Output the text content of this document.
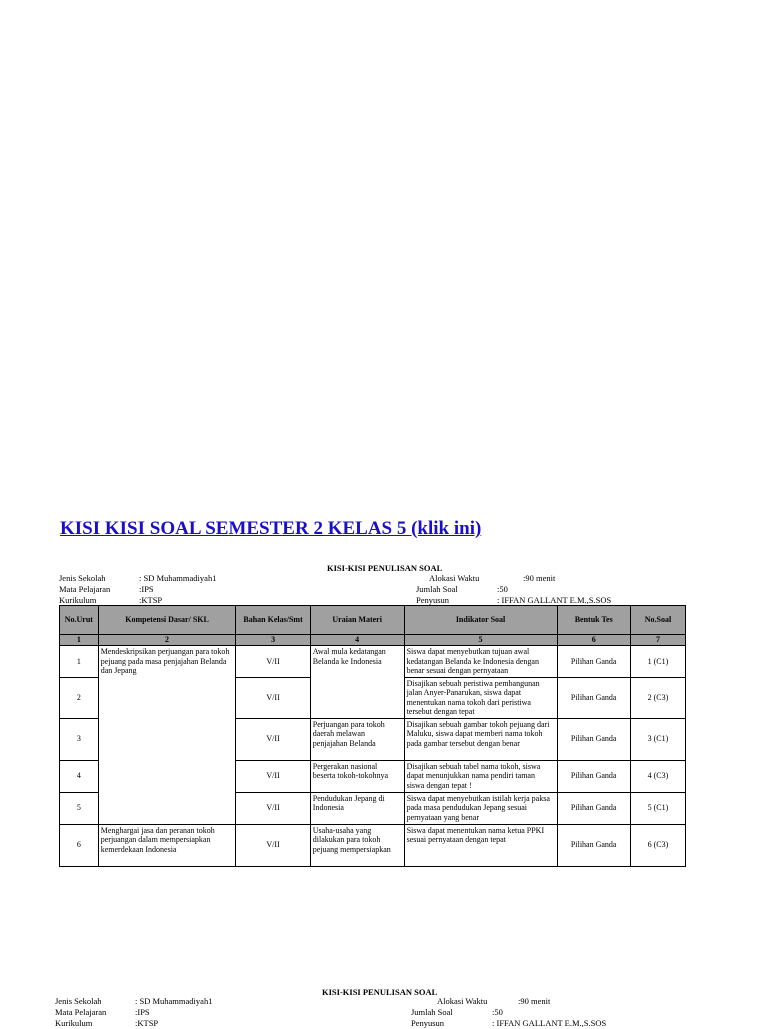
KISI KISI SOAL SEMESTER 2 KELAS 5 (klik ini)
KISI-KISI PENULISAN SOAL
Jenis Sekolah	: SD Muhammadiyah1
Mata Pelajaran	:IPS
Kurikulum	:KTSP
Alokasi Waktu	:90 menit
Jumlah Soal	:50
Penyusun	: IFFAN GALLANT E.M.,S.SOS
No.Urut	Kompetensi Dasar/ SKL	Bahan Kelas/Smt	Uraian Materi	Indikator Soal	Bentuk Tes	No.Soal
1	2	3	4	5	6	7
1	Mendeskripsikan perjuangan para tokoh pejuang pada masa penjajahan Belanda dan Jepang	V/II	Awal mula kedatangan Belanda ke Indonesia	Siswa dapat menyebutkan tujuan awal kedatangan Belanda ke Indonesia dengan benar sesuai dengan pernyataan	Pilihan Ganda	1 (C1)
2		V/II		Disajikan sebuah peristiwa pembangunan jalan Anyer-Panarukan, siswa dapat menentukan nama tokoh dari peristiwa tersebut dengan tepat	Pilihan Ganda	2 (C3)
3		V/II	Perjuangan para tokoh daerah melawan penjajahan Belanda	Disajikan sebuah gambar tokoh pejuang dari Maluku, siswa dapat memberi nama tokoh pada gambar tersebut dengan benar	Pilihan Ganda	3 (C1)
4		V/II	Pergerakan nasional beserta tokoh-tokohnya	Disajikan sebuah tabel nama tokoh, siswa dapat menunjukkan nama pendiri taman siswa dengan tepat !	Pilihan Ganda	4 (C3)
5		V/II	Pendudukan Jepang di Indonesia	Siswa dapat menyebutkan istilah kerja paksa pada masa pendudukan Jepang sesuai pernyataan yang benar	Pilihan Ganda	5 (C1)
6	Menghargai jasa dan peranan tokoh perjuangan dalam mempersiapkan kemerdekaan Indonesia	V/II	Usaha-usaha yang dilakukan para tokoh pejuang mempersiapkan	Siswa dapat menentukan nama ketua PPKI sesuai pernyataan dengan tepat	Pilihan Ganda	6 (C3)
KISI-KISI PENULISAN SOAL
Jenis Sekolah	: SD Muhammadiyah1
Mata Pelajaran	:IPS
Kurikulum	:KTSP
Alokasi Waktu	:90 menit
Jumlah Soal	:50
Penyusun	: IFFAN GALLANT E.M.,S.SOS
